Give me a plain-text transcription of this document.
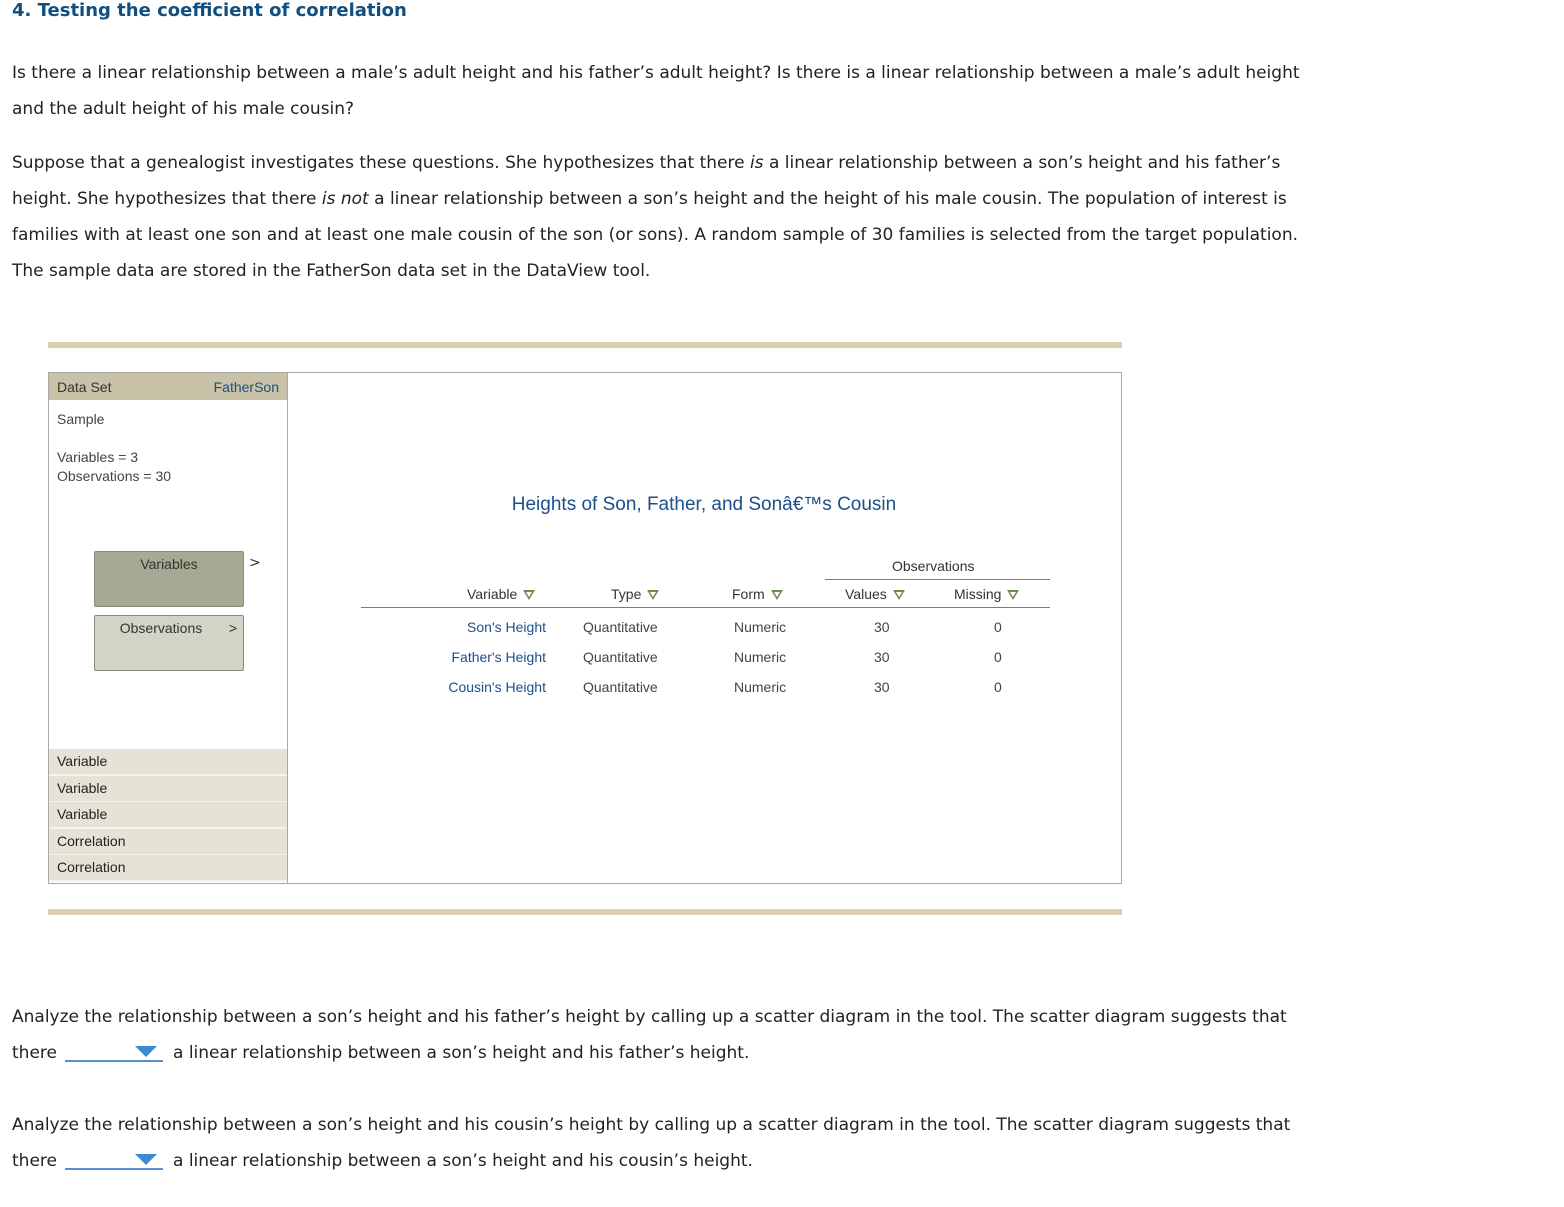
4. Testing the coefficient of correlation
Is there a linear relationship between a male’s adult height and his father’s adult height? Is there is a linear relationship between a male’s adult height
and the adult height of his male cousin?
Suppose that a genealogist investigates these questions. She hypothesizes that there is a linear relationship between a son’s height and his father’s
height. She hypothesizes that there is not a linear relationship between a son’s height and the height of his male cousin. The population of interest is
families with at least one son and at least one male cousin of the son (or sons). A random sample of 30 families is selected from the target population.
The sample data are stored in the FatherSon data set in the DataView tool.
Data Set	FatherSon
Sample
Variables = 3
Observations = 30
Variables	>
Observations	>
Variable
Variable
Variable
Correlation
Correlation
Heights of Son, Father, and Sonâ€™s Cousin
Observations
Variable	Type	Form	Values	Missing
Son's Height	Quantitative	Numeric	30	0
Father's Height	Quantitative	Numeric	30	0
Cousin's Height	Quantitative	Numeric	30	0
Analyze the relationship between a son’s height and his father’s height by calling up a scatter diagram in the tool. The scatter diagram suggests that
there	a linear relationship between a son’s height and his father’s height.
Analyze the relationship between a son’s height and his cousin’s height by calling up a scatter diagram in the tool. The scatter diagram suggests that
there	a linear relationship between a son’s height and his cousin’s height.
